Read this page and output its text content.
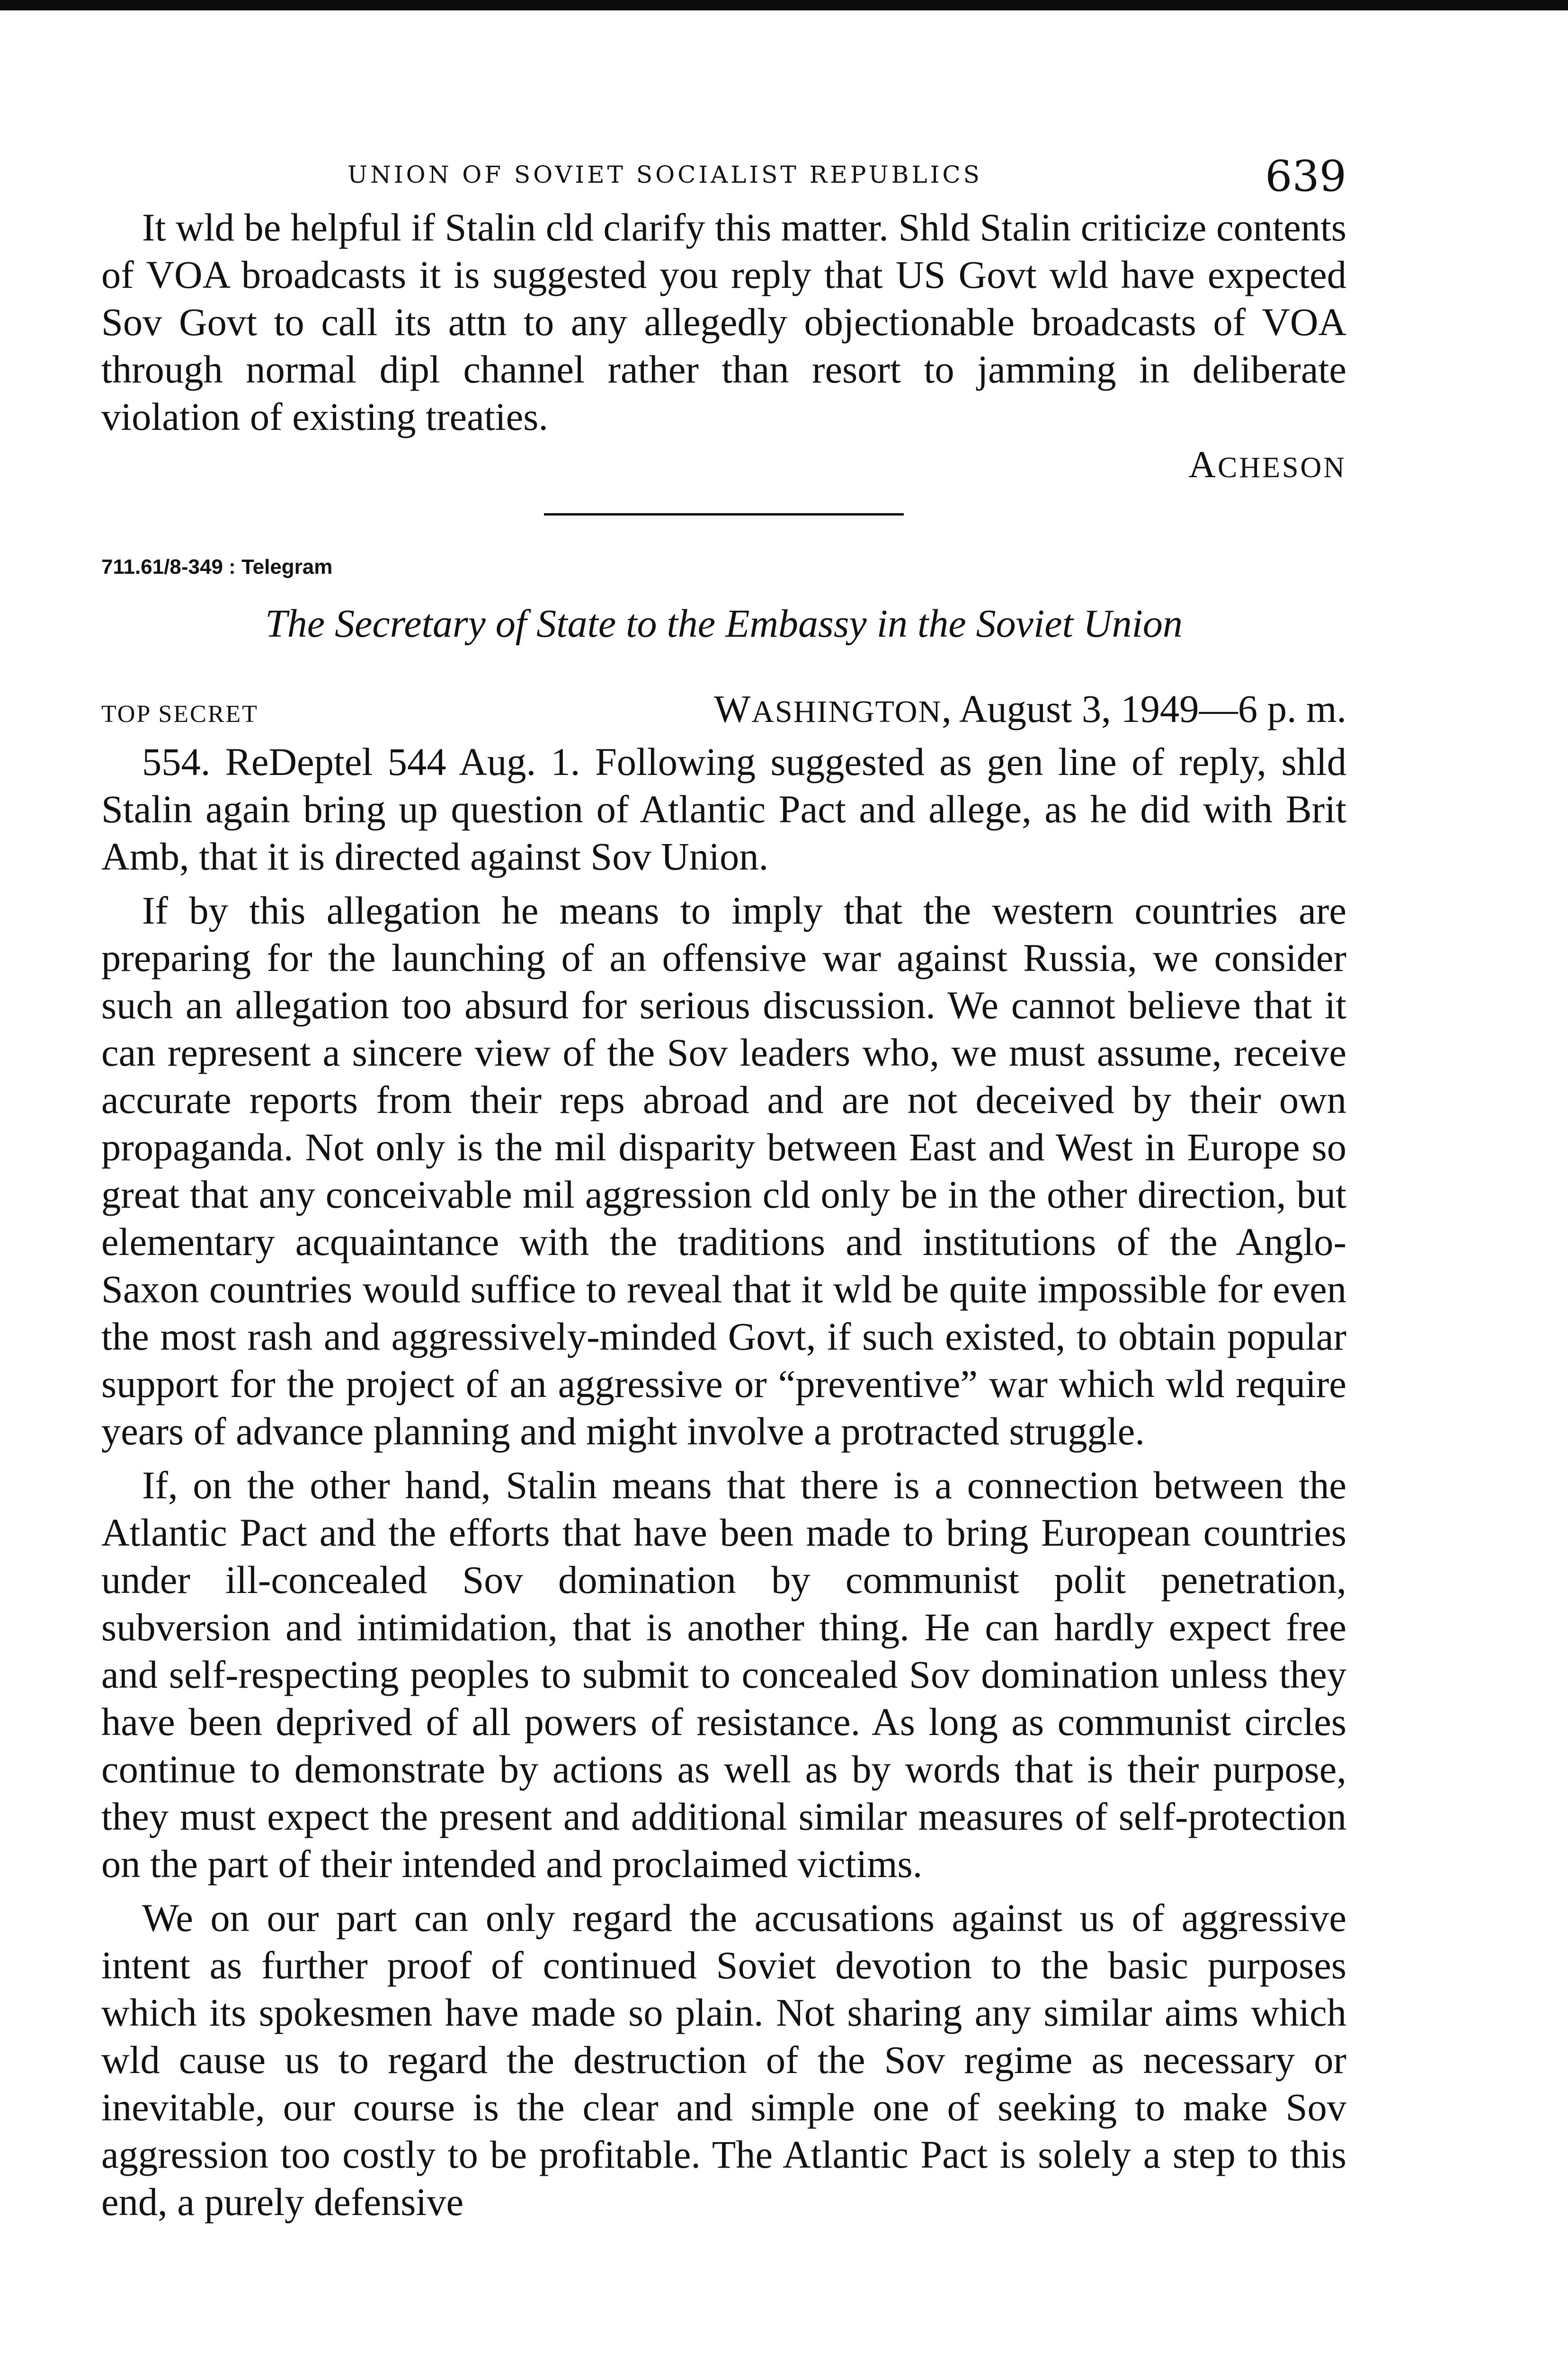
UNION OF SOVIET SOCIALIST REPUBLICS	639

It wld be helpful if Stalin cld clarify this matter. Shld Stalin criticize contents of VOA broadcasts it is suggested you reply that US Govt wld have expected Sov Govt to call its attn to any allegedly objectionable broadcasts of VOA through normal dipl channel rather than resort to jamming in deliberate violation of existing treaties.

ACHESON
711.61/8-349 : Telegram
The Secretary of State to the Embassy in the Soviet Union
TOP SECRET	WASHINGTON, August 3, 1949—6 p. m.

554. ReDeptel 544 Aug. 1. Following suggested as gen line of reply, shld Stalin again bring up question of Atlantic Pact and allege, as he did with Brit Amb, that it is directed against Sov Union.

If by this allegation he means to imply that the western countries are preparing for the launching of an offensive war against Russia, we consider such an allegation too absurd for serious discussion. We cannot believe that it can represent a sincere view of the Sov leaders who, we must assume, receive accurate reports from their reps abroad and are not deceived by their own propaganda. Not only is the mil disparity between East and West in Europe so great that any conceivable mil aggression cld only be in the other direction, but elementary acquaintance with the traditions and institutions of the Anglo-Saxon countries would suffice to reveal that it wld be quite impossible for even the most rash and aggressively-minded Govt, if such existed, to obtain popular support for the project of an aggressive or “preventive” war which wld require years of advance planning and might involve a protracted struggle.

If, on the other hand, Stalin means that there is a connection between the Atlantic Pact and the efforts that have been made to bring European countries under ill-concealed Sov domination by communist polit penetration, subversion and intimidation, that is another thing. He can hardly expect free and self-respecting peoples to submit to concealed Sov domination unless they have been deprived of all powers of resistance. As long as communist circles continue to demonstrate by actions as well as by words that is their purpose, they must expect the present and additional similar measures of self-protection on the part of their intended and proclaimed victims.

We on our part can only regard the accusations against us of aggressive intent as further proof of continued Soviet devotion to the basic purposes which its spokesmen have made so plain. Not sharing any similar aims which wld cause us to regard the destruction of the Sov regime as necessary or inevitable, our course is the clear and simple one of seeking to make Sov aggression too costly to be profitable. The Atlantic Pact is solely a step to this end, a purely defensive
